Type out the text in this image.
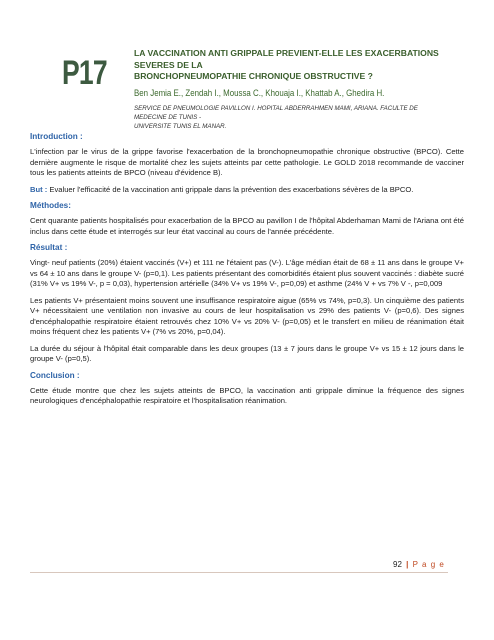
P17

LA VACCINATION ANTI GRIPPALE PREVIENT-ELLE LES EXACERBATIONS SEVERES DE LA
BRONCHOPNEUMOPATHIE CHRONIQUE OBSTRUCTIVE ?

Ben Jemia E., Zendah I., Moussa C., Khouaja I., Khattab A., Ghedira H.
SERVICE DE PNEUMOLOGIE PAVILLON I. HOPITAL ABDERRAHMEN MAMI, ARIANA. FACULTE DE MEDECINE DE TUNIS -
UNIVERSITE TUNIS EL MANAR.

Introduction :

L'infection par le virus de la grippe favorise l'exacerbation de la bronchopneumopathie chronique obstructive (BPCO). Cette dernière augmente le risque de mortalité chez les sujets atteints par cette pathologie. Le GOLD 2018 recommande de vacciner tous les patients atteints de BPCO (niveau d'évidence B).

But : Evaluer l'efficacité de la vaccination anti grippale dans la prévention des exacerbations sévères de la BPCO.

Méthodes:

Cent quarante patients hospitalisés pour exacerbation de la BPCO au pavillon I de l'hôpital Abderhaman Mami de l'Ariana ont été inclus dans cette étude et interrogés sur leur état vaccinal au cours de l'année précédente.

Résultat :

Vingt- neuf patients (20%) étaient vaccinés (V+) et 111 ne l'étaient pas (V-). L'âge médian était de 68 ± 11 ans dans le groupe V+ vs 64 ± 10 ans dans le groupe V- (p=0,1). Les patients présentant des comorbidités étaient plus souvent vaccinés : diabète sucré (31% V+ vs 19% V-, p = 0,03), hypertension artérielle (34% V+ vs 19% V-, p=0,09) et asthme (24% V + vs 7% V -, p=0,009

Les patients V+ présentaient moins souvent une insuffisance respiratoire aigue (65% vs 74%, p=0,3). Un cinquième des patients V+ nécessitaient une ventilation non invasive au cours de leur hospitalisation vs 29% des patients V- (p=0,6). Des signes d'encéphalopathie respiratoire étaient retrouvés chez 10% V+ vs 20% V- (p=0,05) et le transfert en milieu de réanimation était moins fréquent chez les patients V+ (7% vs 20%, p=0,04).

La durée du séjour à l'hôpital était comparable dans les deux groupes (13 ± 7 jours dans le groupe V+ vs 15 ± 12 jours dans le groupe V- (p=0,5).

Conclusion :

Cette étude montre que chez les sujets atteints de BPCO, la vaccination anti grippale diminue la fréquence des signes neurologiques d'encéphalopathie respiratoire et l'hospitalisation réanimation.

92 | P a g e
